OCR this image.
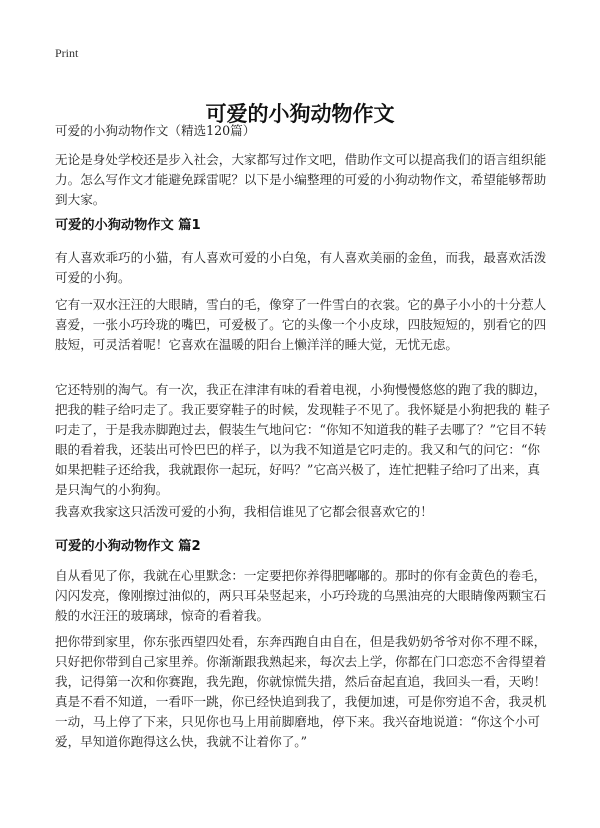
Print
可爱的小狗动物作文

可爱的小狗动物作文（精选120篇）

无论是身处学校还是步入社会，大家都写过作文吧，借助作文可以提高我们的语言组织能力。怎么写作文才能避免踩雷呢？以下是小编整理的可爱的小狗动物作文，希望能够帮助到大家。

可爱的小狗动物作文 篇1

有人喜欢乖巧的小猫，有人喜欢可爱的小白兔，有人喜欢美丽的金鱼，而我，最喜欢活泼可爱的小狗。

它有一双水汪汪的大眼睛，雪白的毛，像穿了一件雪白的衣裳。它的鼻子小小的十分惹人喜爱，一张小巧玲珑的嘴巴，可爱极了。它的头像一个小皮球，四肢短短的，别看它的四肢短，可灵活着呢！它喜欢在温暖的阳台上懒洋洋的睡大觉，无忧无虑。

它还特别的淘气。有一次，我正在津津有味的看着电视，小狗慢慢悠悠的跑了我的脚边，把我的鞋子给叼走了。我正要穿鞋子的时候，发现鞋子不见了。我怀疑是小狗把我的 鞋子叼走了，于是我赤脚跑过去，假装生气地问它：“你知不知道我的鞋子去哪了？”它目不转眼的看着我，还装出可怜巴巴的样子，以为我不知道是它叼走的。我又和气的问它：“你如果把鞋子还给我，我就跟你一起玩，好吗？”它高兴极了，连忙把鞋子给叼了出来，真是只淘气的小狗狗。

我喜欢我家这只活泼可爱的小狗，我相信谁见了它都会很喜欢它的！

可爱的小狗动物作文 篇2

自从看见了你，我就在心里默念：一定要把你养得肥嘟嘟的。那时的你有金黄色的卷毛，闪闪发亮，像刚擦过油似的，两只耳朵竖起来，小巧玲珑的乌黑油亮的大眼睛像两颗宝石般的水汪汪的玻璃球，惊奇的看着我。

把你带到家里，你东张西望四处看，东奔西跑自由自在，但是我奶奶爷爷对你不理不睬，只好把你带到自己家里养。你渐渐跟我熟起来，每次去上学，你都在门口恋恋不舍得望着我，记得第一次和你赛跑，我先跑，你就惊慌失措，然后奋起直追，我回头一看，天哟！真是不看不知道，一看吓一跳，你已经快追到我了，我便加速，可是你穷追不舍，我灵机一动，马上停了下来，只见你也马上用前脚磨地，停下来。我兴奋地说道：“你这个小可爱，早知道你跑得这么快，我就不让着你了。”
